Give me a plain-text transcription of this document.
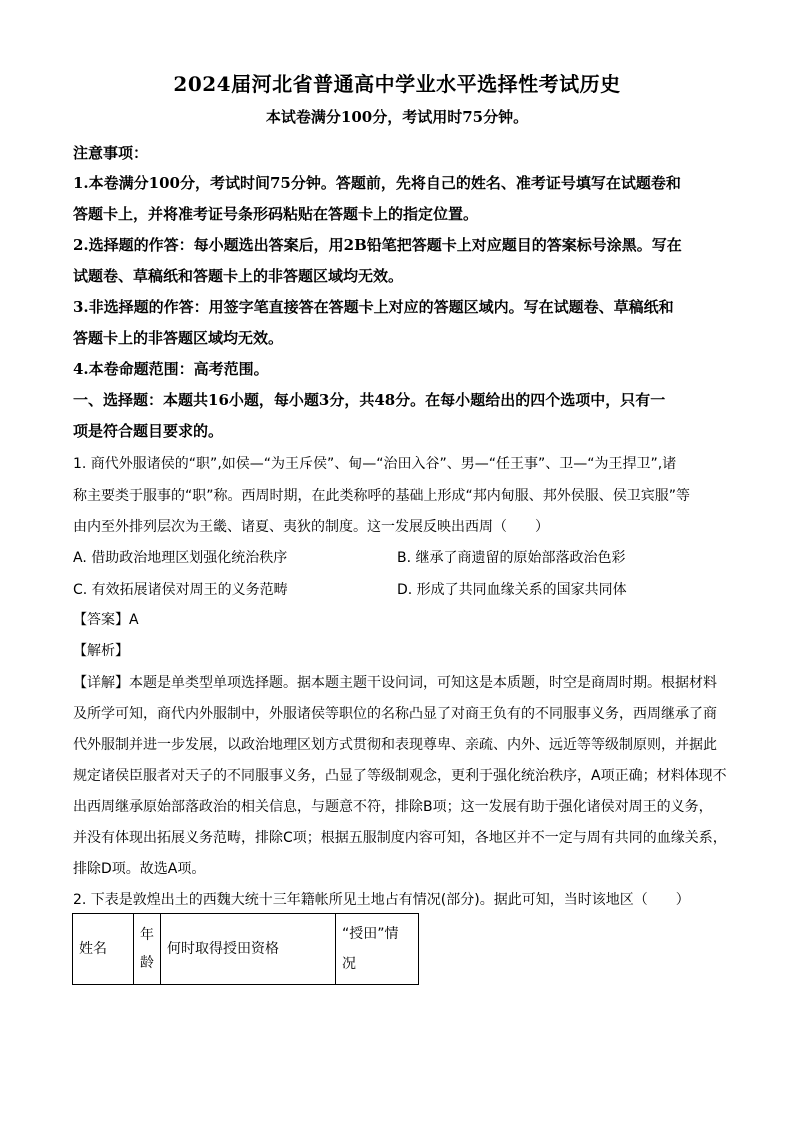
2024届河北省普通高中学业水平选择性考试历史
本试卷满分100分，考试用时75分钟。
注意事项：
1.本卷满分100分，考试时间75分钟。答题前，先将自己的姓名、准考证号填写在试题卷和
答题卡上，并将准考证号条形码粘贴在答题卡上的指定位置。
2.选择题的作答：每小题选出答案后，用2B铅笔把答题卡上对应题目的答案标号涂黑。写在
试题卷、草稿纸和答题卡上的非答题区域均无效。
3.非选择题的作答：用签字笔直接答在答题卡上对应的答题区域内。写在试题卷、草稿纸和
答题卡上的非答题区域均无效。
4.本卷命题范围：高考范围。
一、选择题：本题共16小题，每小题3分，共48分。在每小题给出的四个选项中，只有一
项是符合题目要求的。
1. 商代外服诸侯的“职”,如侯—“为王斥侯”、甸—“治田入谷”、男—“任王事”、卫—“为王捍卫”,诸
称主要类于服事的“职”称。西周时期，在此类称呼的基础上形成“邦内甸服、邦外侯服、侯卫宾服”等
由内至外排列层次为王畿、诸夏、夷狄的制度。这一发展反映出西周（　　）
A. 借助政治地理区划强化统治秩序	B. 继承了商遗留的原始部落政治色彩
C. 有效拓展诸侯对周王的义务范畴	D. 形成了共同血缘关系的国家共同体
【答案】A
【解析】
【详解】本题是单类型单项选择题。据本题主题干设问词，可知这是本质题，时空是商周时期。根据材料
及所学可知，商代内外服制中，外服诸侯等职位的名称凸显了对商王负有的不同服事义务，西周继承了商
代外服制并进一步发展，以政治地理区划方式贯彻和表现尊卑、亲疏、内外、远近等等级制原则，并据此
规定诸侯臣服者对天子的不同服事义务，凸显了等级制观念，更利于强化统治秩序，A项正确；材料体现不
出西周继承原始部落政治的相关信息，与题意不符，排除B项；这一发展有助于强化诸侯对周王的义务，
并没有体现出拓展义务范畴，排除C项；根据五服制度内容可知，各地区并不一定与周有共同的血缘关系，
排除D项。故选A项。
2. 下表是敦煌出土的西魏大统十三年籍帐所见土地占有情况(部分)。据此可知，当时该地区（　　）
姓名	年龄	何时取得授田资格	“授田”情况
